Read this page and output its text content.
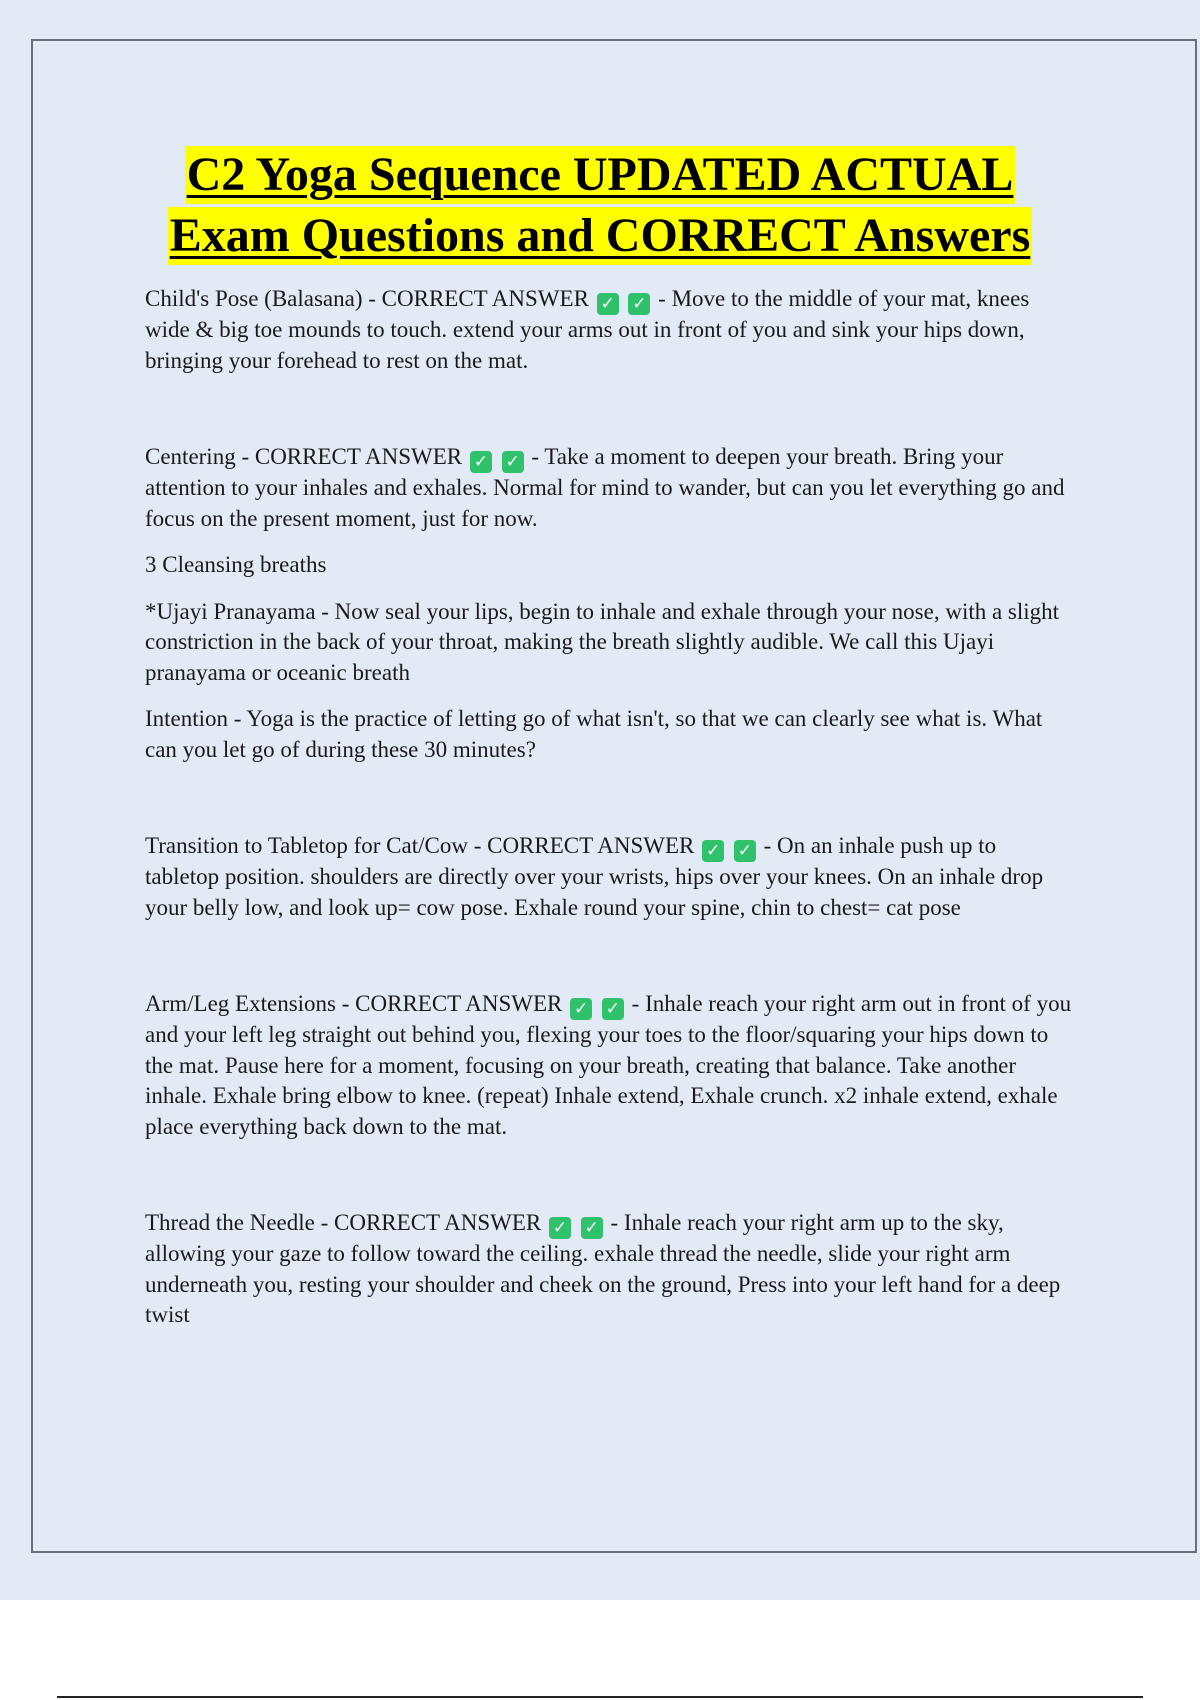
C2 Yoga Sequence UPDATED ACTUAL
Exam Questions and CORRECT Answers

Child's Pose (Balasana) - CORRECT ANSWER ✓ ✓ - Move to the middle of your mat, knees wide & big toe mounds to touch. extend your arms out in front of you and sink your hips down, bringing your forehead to rest on the mat.

Centering - CORRECT ANSWER ✓ ✓ - Take a moment to deepen your breath. Bring your attention to your inhales and exhales. Normal for mind to wander, but can you let everything go and focus on the present moment, just for now.

3 Cleansing breaths

*Ujayi Pranayama - Now seal your lips, begin to inhale and exhale through your nose, with a slight constriction in the back of your throat, making the breath slightly audible. We call this Ujayi pranayama or oceanic breath

Intention - Yoga is the practice of letting go of what isn't, so that we can clearly see what is. What can you let go of during these 30 minutes?

Transition to Tabletop for Cat/Cow - CORRECT ANSWER ✓ ✓ - On an inhale push up to tabletop position. shoulders are directly over your wrists, hips over your knees. On an inhale drop your belly low, and look up= cow pose. Exhale round your spine, chin to chest= cat pose

Arm/Leg Extensions - CORRECT ANSWER ✓ ✓ - Inhale reach your right arm out in front of you and your left leg straight out behind you, flexing your toes to the floor/squaring your hips down to the mat. Pause here for a moment, focusing on your breath, creating that balance. Take another inhale. Exhale bring elbow to knee. (repeat) Inhale extend, Exhale crunch. x2 inhale extend, exhale place everything back down to the mat.

Thread the Needle - CORRECT ANSWER ✓ ✓ - Inhale reach your right arm up to the sky, allowing your gaze to follow toward the ceiling. exhale thread the needle, slide your right arm underneath you, resting your shoulder and cheek on the ground, Press into your left hand for a deep twist
